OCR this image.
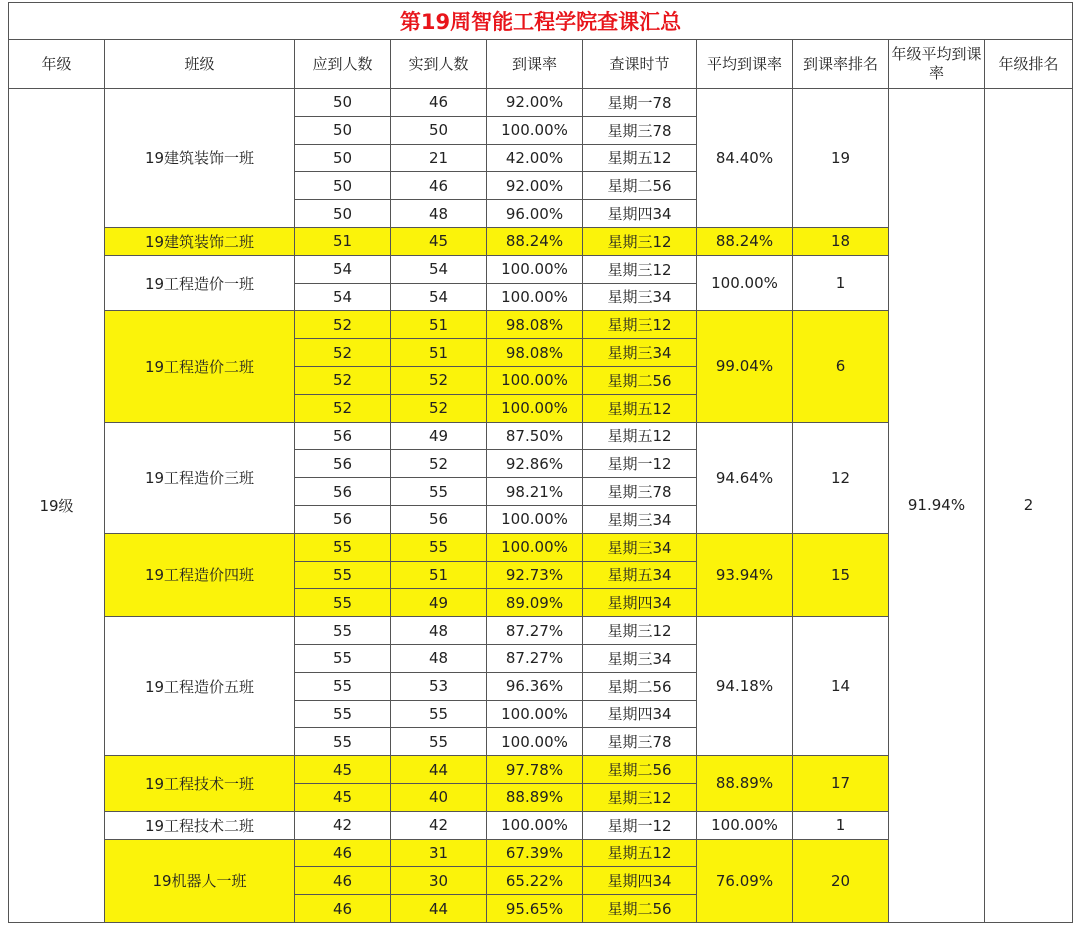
第19周智能工程学院查课汇总									
年级	班级	应到人数	实到人数	到课率	查课时节	平均到课率	到课率排名	年级平均到课率	年级排名
19级	19建筑装饰一班	50	46	92.00%	星期一78	84.40%	19	91.94%	2
		50	50	100.00%	星期三78				
		50	21	42.00%	星期五12				
		50	46	92.00%	星期二56				
		50	48	96.00%	星期四34				
	19建筑装饰二班	51	45	88.24%	星期三12	88.24%	18		
	19工程造价一班	54	54	100.00%	星期三12	100.00%	1		
		54	54	100.00%	星期三34				
	19工程造价二班	52	51	98.08%	星期三12	99.04%	6		
		52	51	98.08%	星期三34				
		52	52	100.00%	星期二56				
		52	52	100.00%	星期五12				
	19工程造价三班	56	49	87.50%	星期五12	94.64%	12		
		56	52	92.86%	星期一12				
		56	55	98.21%	星期三78				
		56	56	100.00%	星期三34				
	19工程造价四班	55	55	100.00%	星期三34	93.94%	15		
		55	51	92.73%	星期五34				
		55	49	89.09%	星期四34				
	19工程造价五班	55	48	87.27%	星期三12	94.18%	14		
		55	48	87.27%	星期三34				
		55	53	96.36%	星期二56				
		55	55	100.00%	星期四34				
		55	55	100.00%	星期三78				
	19工程技术一班	45	44	97.78%	星期二56	88.89%	17		
		45	40	88.89%	星期三12				
	19工程技术二班	42	42	100.00%	星期一12	100.00%	1		
	19机器人一班	46	31	67.39%	星期五12	76.09%	20		
		46	30	65.22%	星期四34				
		46	44	95.65%	星期二56				
